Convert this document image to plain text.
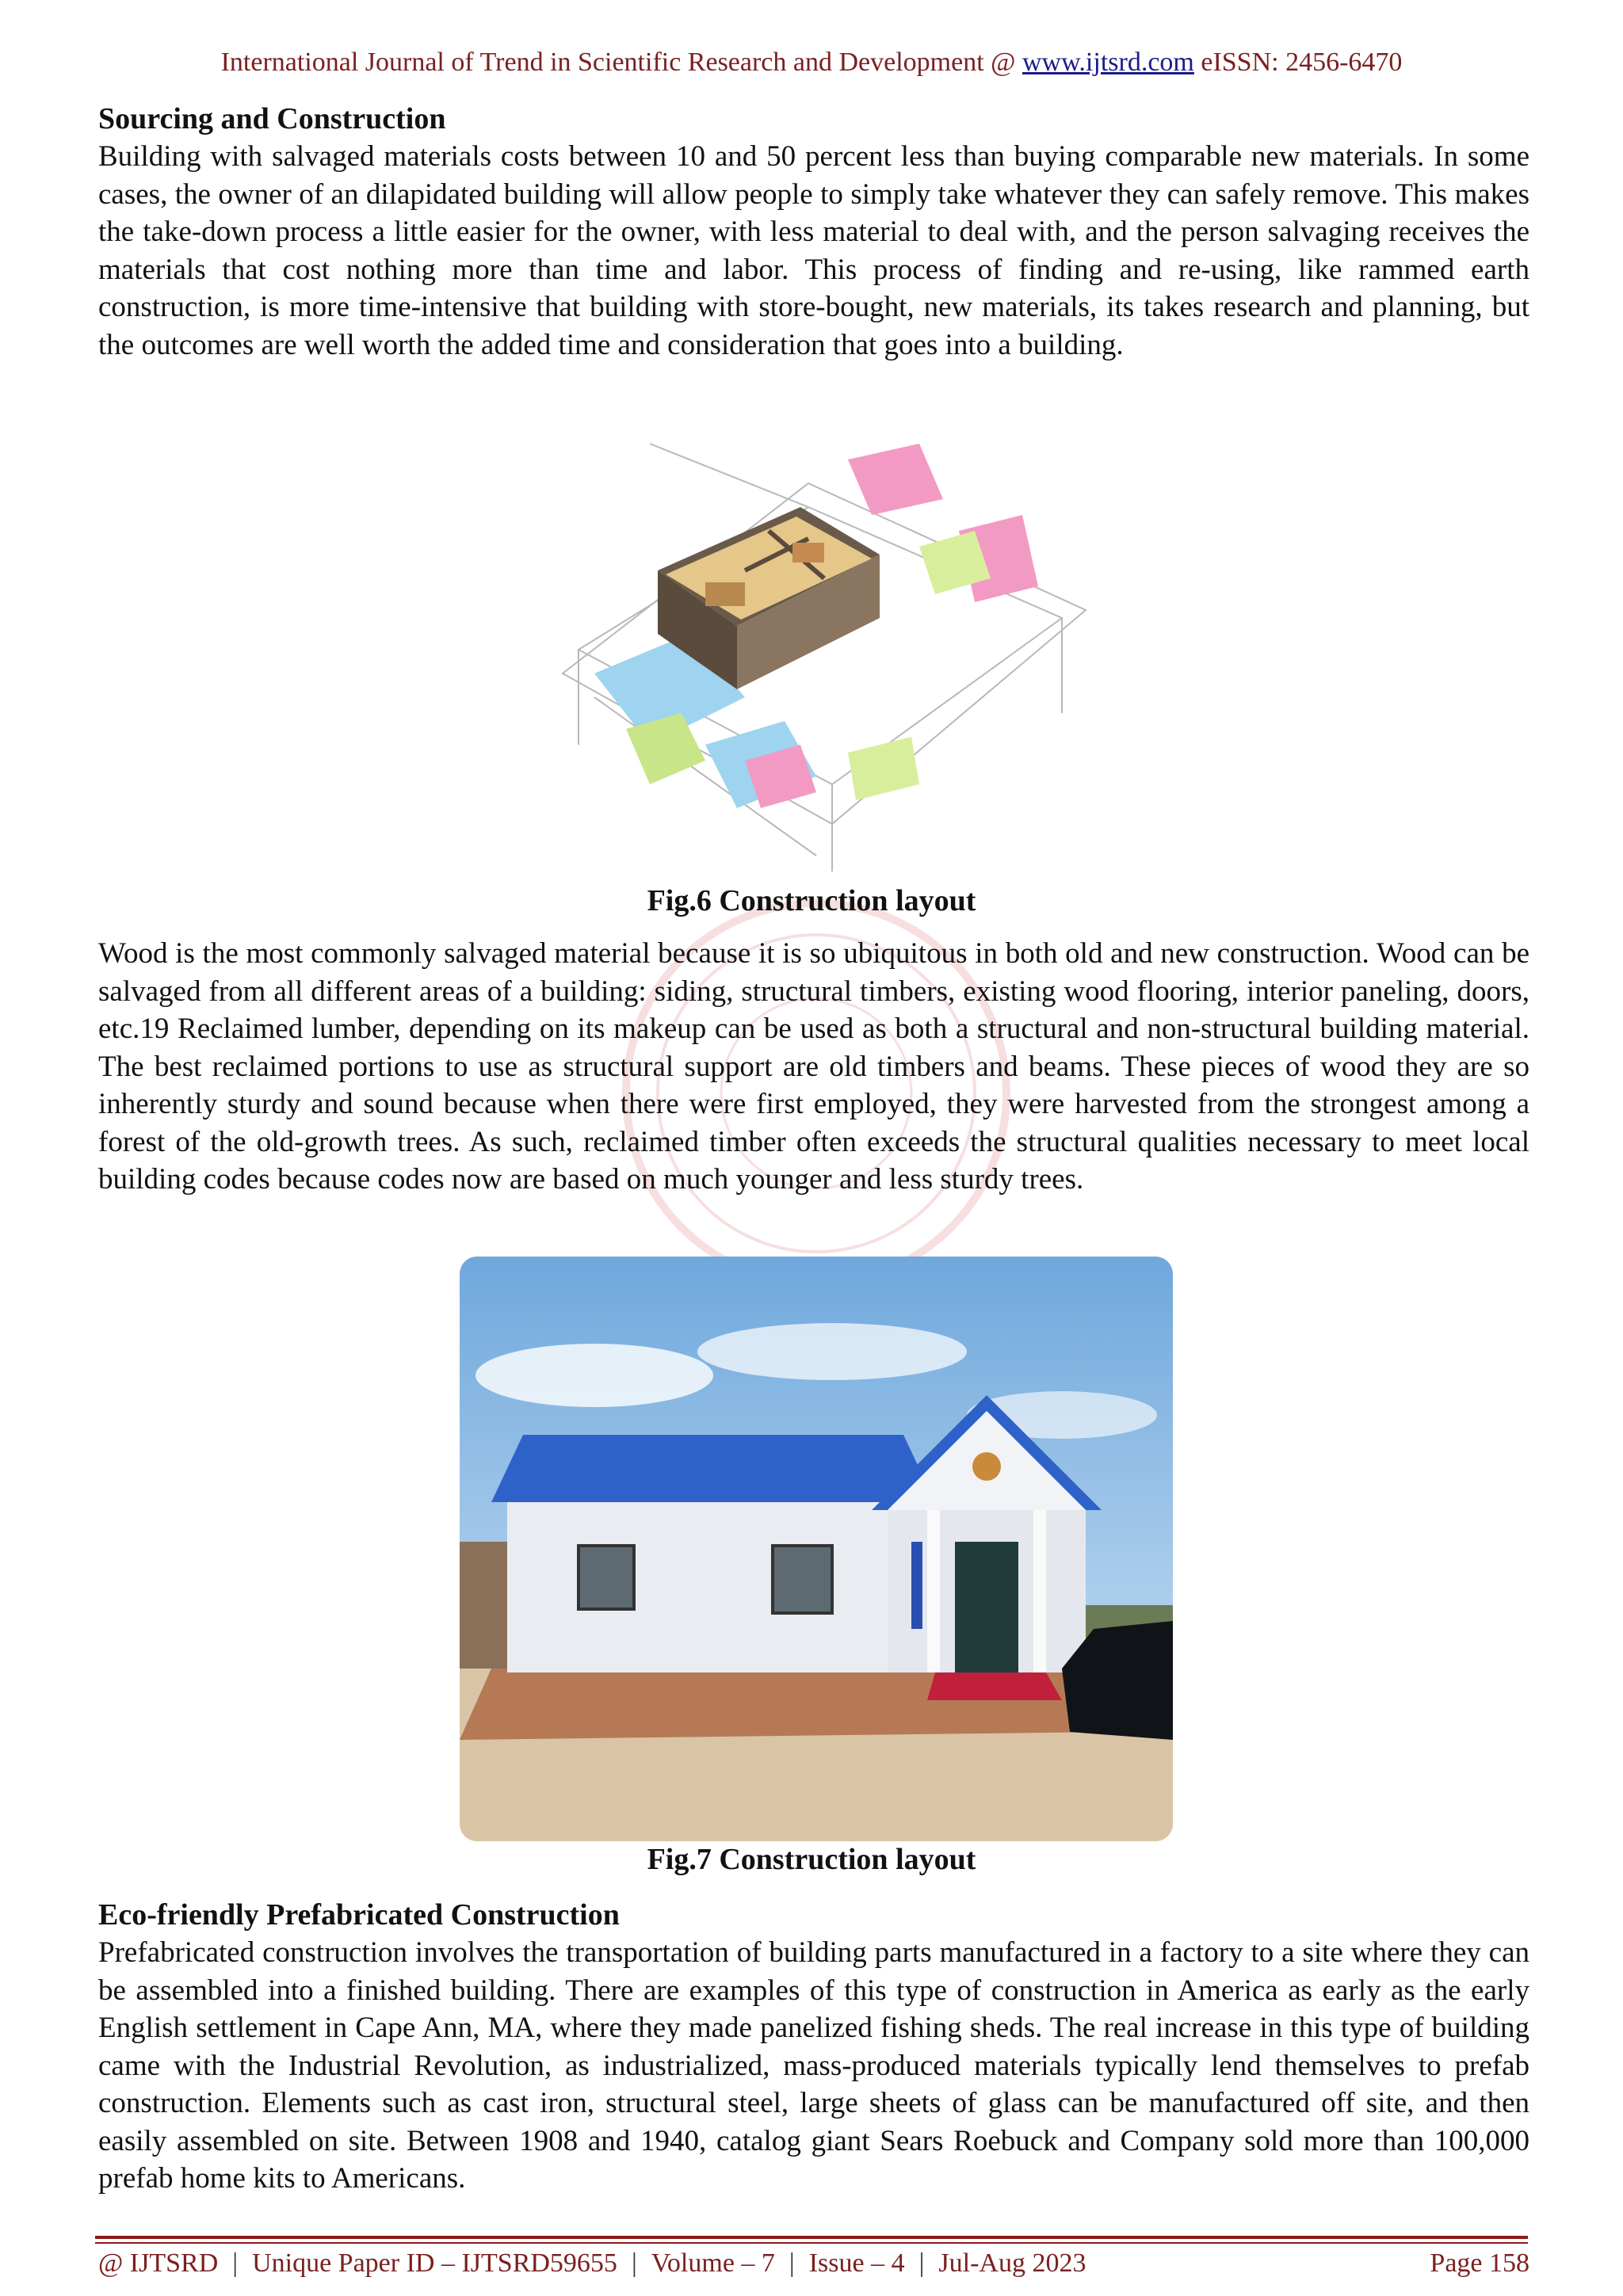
International Journal of Trend in Scientific Research and Development @ www.ijtsrd.com eISSN: 2456-6470
Sourcing and Construction

Building with salvaged materials costs between 10 and 50 percent less than buying comparable new materials. In some cases, the owner of an dilapidated building will allow people to simply take whatever they can safely remove. This makes the take-down process a little easier for the owner, with less material to deal with, and the person salvaging receives the materials that cost nothing more than time and labor. This process of finding and re-using, like rammed earth construction, is more time-intensive that building with store-bought, new materials, its takes research and planning, but the outcomes are well worth the added time and consideration that goes into a building.

Fig.6 Construction layout

Wood is the most commonly salvaged material because it is so ubiquitous in both old and new construction. Wood can be salvaged from all different areas of a building: siding, structural timbers, existing wood flooring, interior paneling, doors, etc.19 Reclaimed lumber, depending on its makeup can be used as both a structural and non-structural building material. The best reclaimed portions to use as structural support are old timbers and beams. These pieces of wood they are so inherently sturdy and sound because when there were first employed, they were harvested from the strongest among a forest of the old-growth trees. As such, reclaimed timber often exceeds the structural qualities necessary to meet local building codes because codes now are based on much younger and less sturdy trees.

Fig.7 Construction layout
Eco-friendly Prefabricated Construction

Prefabricated construction involves the transportation of building parts manufactured in a factory to a site where they can be assembled into a finished building. There are examples of this type of construction in America as early as the early English settlement in Cape Ann, MA, where they made panelized fishing sheds. The real increase in this type of building came with the Industrial Revolution, as industrialized, mass-produced materials typically lend themselves to prefab construction. Elements such as cast iron, structural steel, large sheets of glass can be manufactured off site, and then easily assembled on site. Between 1908 and 1940, catalog giant Sears Roebuck and Company sold more than 100,000 prefab home kits to Americans.

@ IJTSRD | Unique Paper ID – IJTSRD59655 | Volume – 7 | Issue – 4 | Jul-Aug 2023	Page 158
